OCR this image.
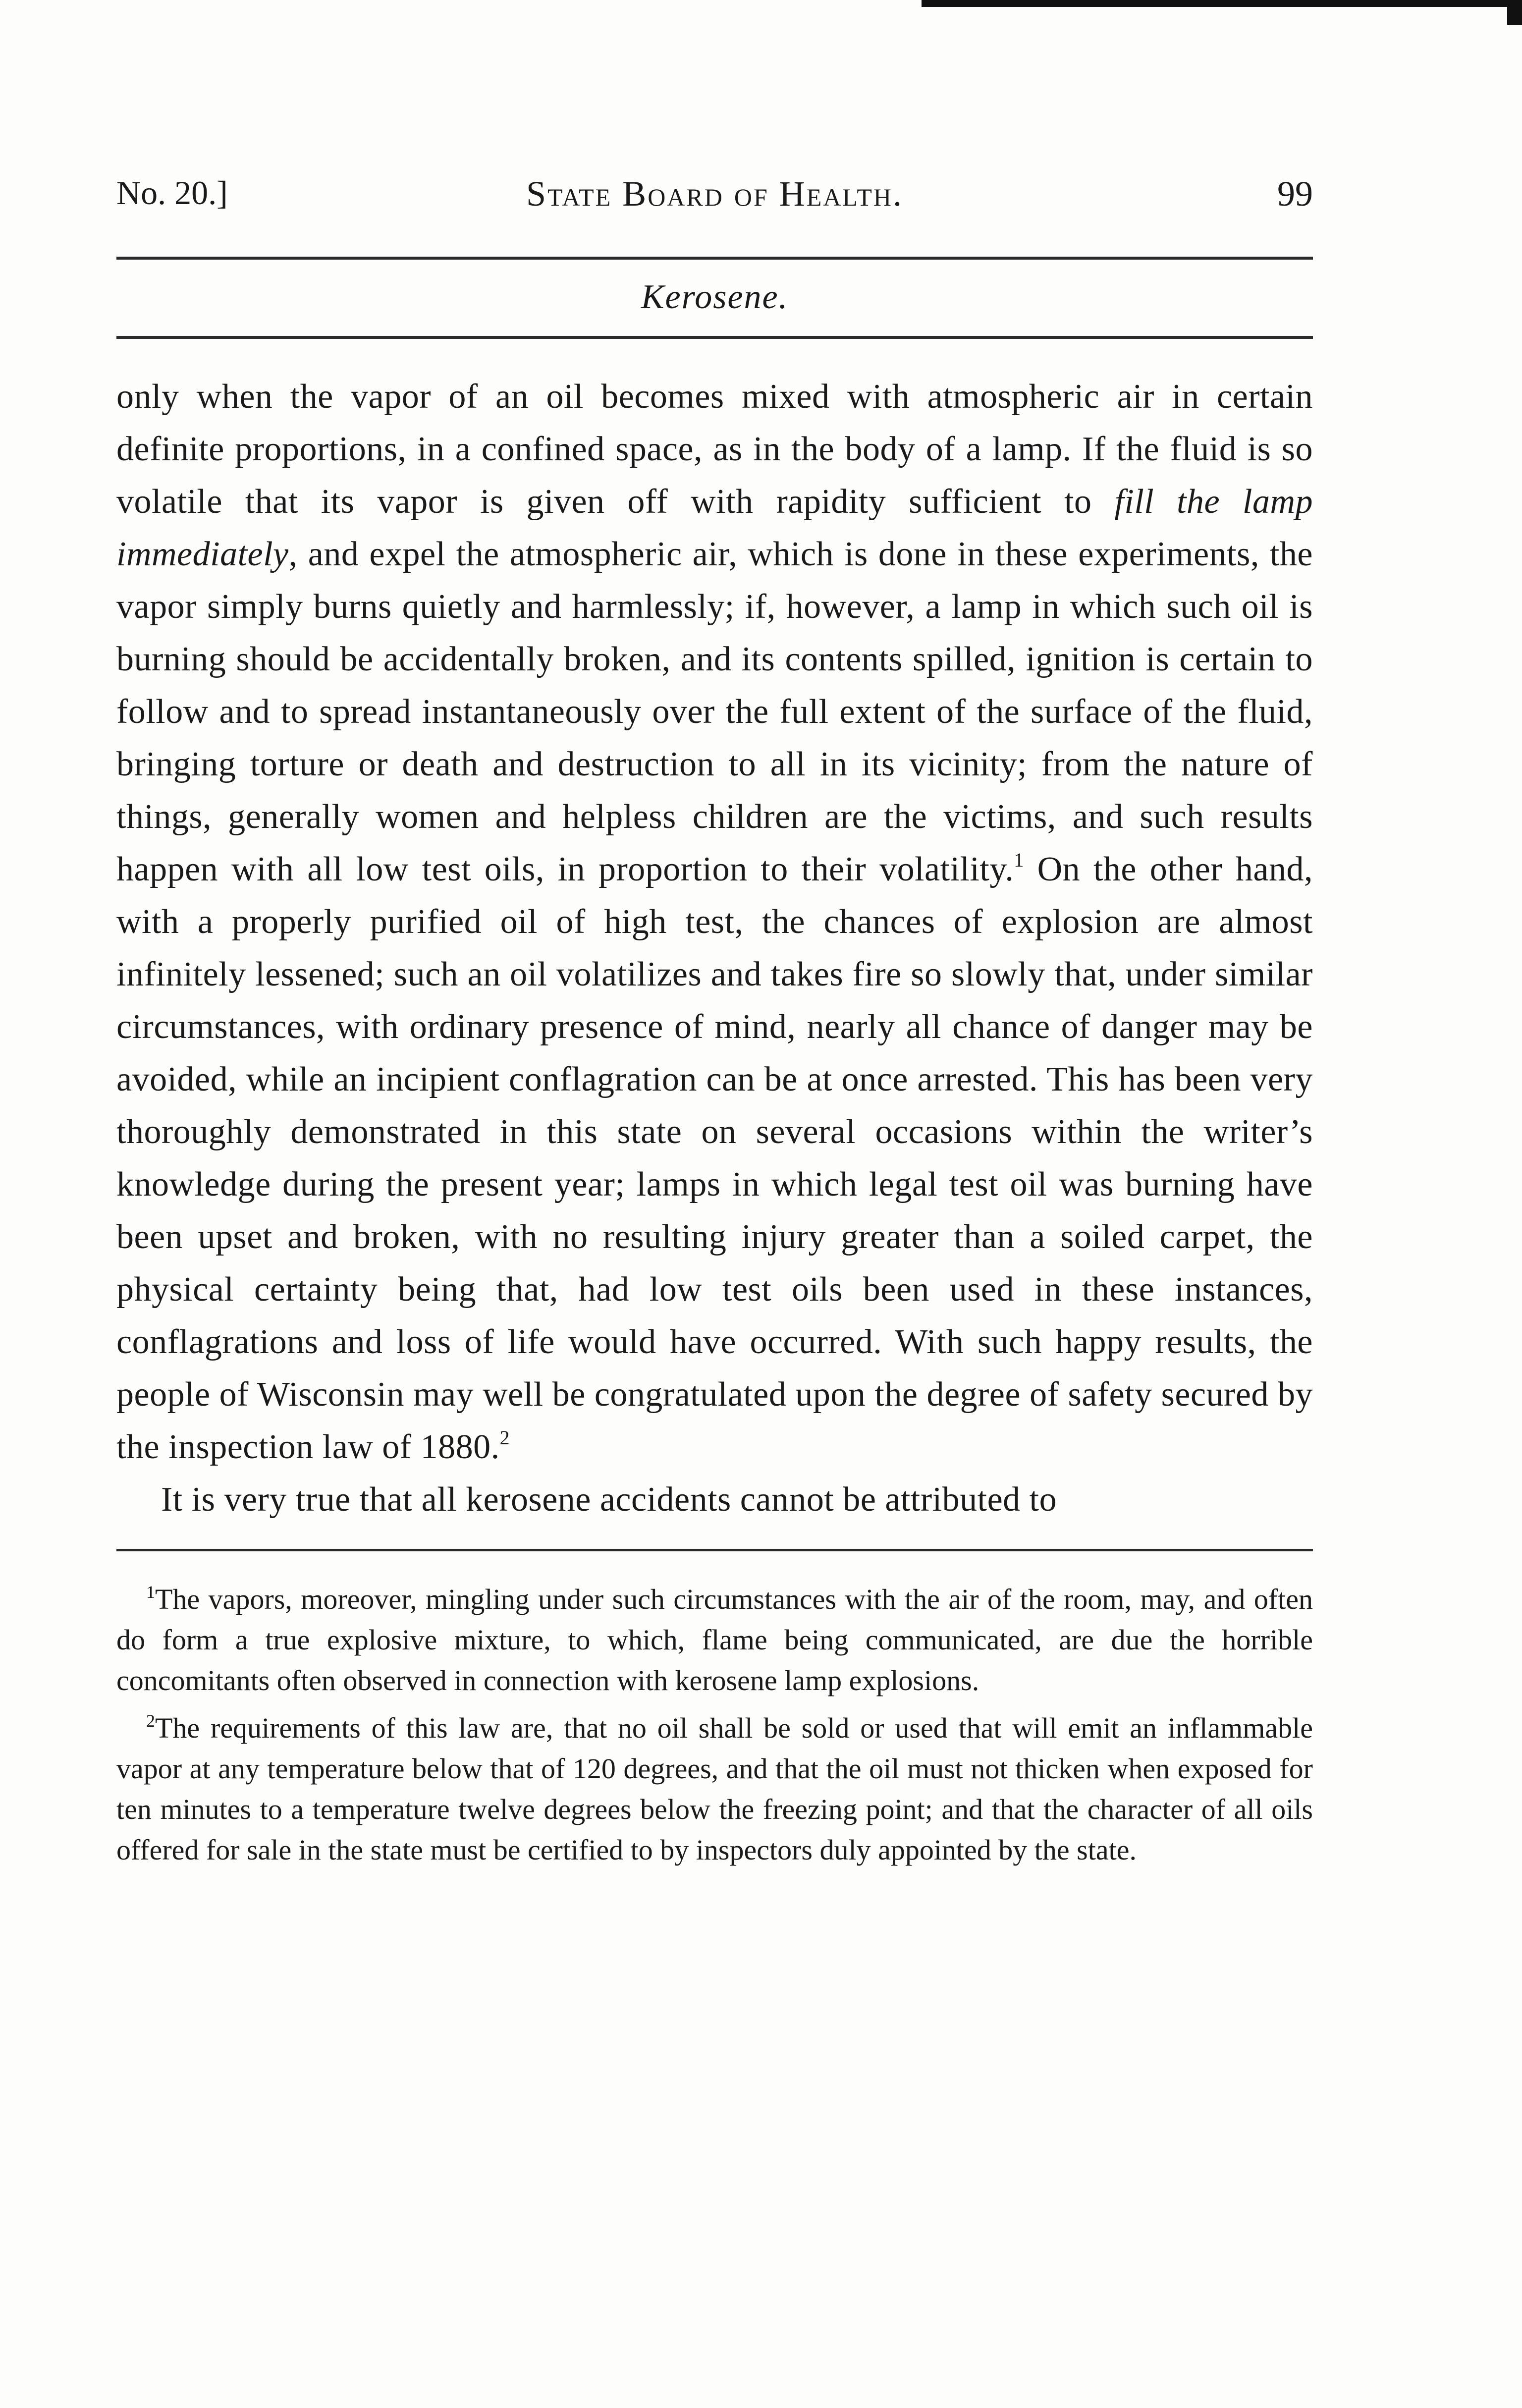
No. 20.]	State Board of Health.	99
Kerosene.

only when the vapor of an oil becomes mixed with atmospheric air in certain definite proportions, in a confined space, as in the body of a lamp. If the fluid is so volatile that its vapor is given off with rapidity sufficient to fill the lamp immediately, and expel the atmospheric air, which is done in these experiments, the vapor simply burns quietly and harmlessly; if, however, a lamp in which such oil is burning should be accidentally broken, and its contents spilled, ignition is certain to follow and to spread instantaneously over the full extent of the surface of the fluid, bringing torture or death and destruction to all in its vicinity; from the nature of things, generally women and helpless children are the victims, and such results happen with all low test oils, in proportion to their volatility.$^1$ On the other hand, with a properly purified oil of high test, the chances of explosion are almost infinitely lessened; such an oil volatilizes and takes fire so slowly that, under similar circumstances, with ordinary presence of mind, nearly all chance of danger may be avoided, while an incipient conflagration can be at once arrested. This has been very thoroughly demonstrated in this state on several occasions within the writer’s knowledge during the present year; lamps in which legal test oil was burning have been upset and broken, with no resulting injury greater than a soiled carpet, the physical certainty being that, had low test oils been used in these instances, conflagrations and loss of life would have occurred. With such happy results, the people of Wisconsin may well be congratulated upon the degree of safety secured by the inspection law of 1880.$^2$

It is very true that all kerosene accidents cannot be attributed to

$^1$The vapors, moreover, mingling under such circumstances with the air of the room, may, and often do form a true explosive mixture, to which, flame being communicated, are due the horrible concomitants often observed in connection with kerosene lamp explosions.

$^2$The requirements of this law are, that no oil shall be sold or used that will emit an inflammable vapor at any temperature below that of 120 degrees, and that the oil must not thicken when exposed for ten minutes to a temperature twelve degrees below the freezing point; and that the character of all oils offered for sale in the state must be certified to by inspectors duly appointed by the state.
